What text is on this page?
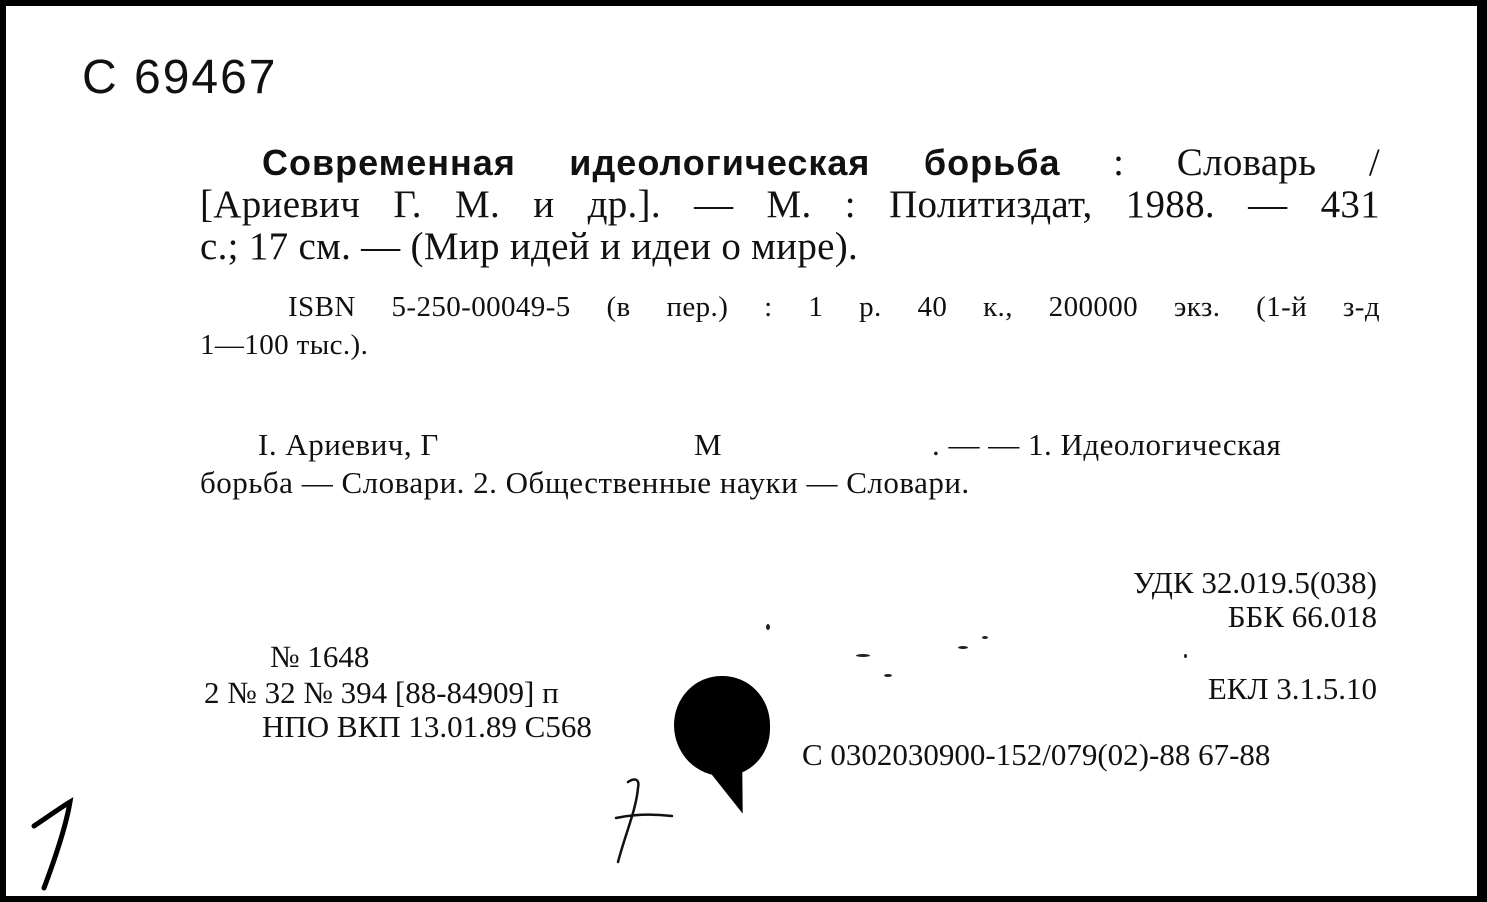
С 69467
Современная идеологическая борьба : Словарь /
[Ариевич Г. М. и др.]. — М. : Политиздат, 1988. — 431
с.; 17 см. — (Мир идей и идеи о мире).
ISBN 5-250-00049-5 (в пер.) : 1 р. 40 к., 200000 экз. (1-й з-д
1—100 тыс.).
I. Ариевич, Г	М	. — — 1. Идеологическая
борьба — Словари. 2. Общественные науки — Словари.
УДК 32.019.5(038)
ББК 66.018
ЕКЛ 3.1.5.10
С 0302030900-152/079(02)-88 67-88
№ 1648
2 № 32 № 394 [88-84909] п
НПО ВКП 13.01.89 С568
